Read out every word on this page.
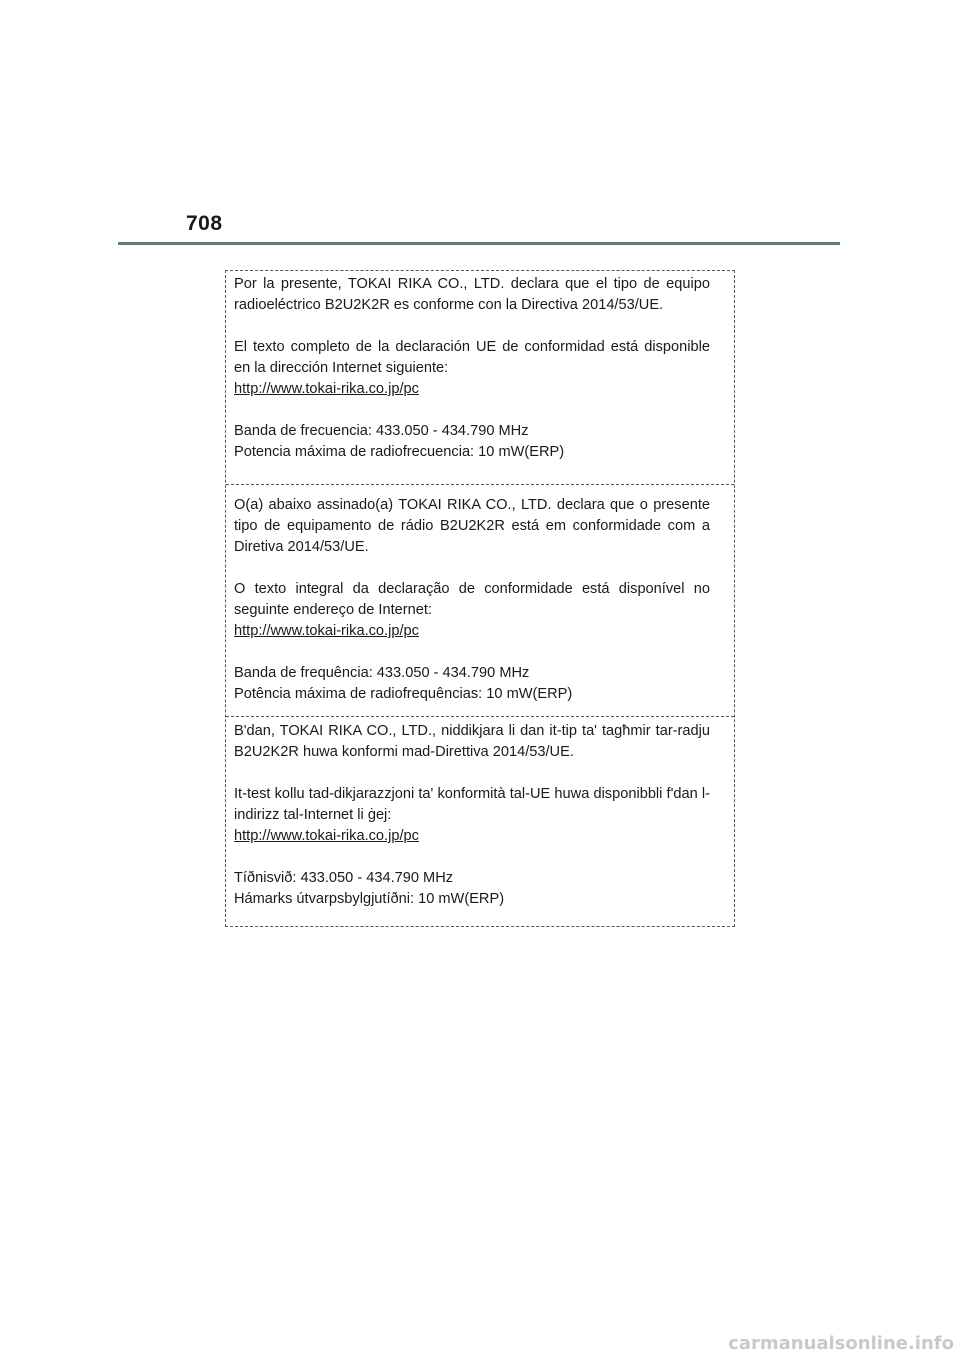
708

Por la presente, TOKAI RIKA CO., LTD. declara que el tipo de equipo radioeléctrico B2U2K2R es conforme con la Directiva 2014/53/UE.

El texto completo de la declaración UE de conformidad está disponible en la dirección Internet siguiente:

http://www.tokai-rika.co.jp/pc
Banda de frecuencia: 433.050 - 434.790 MHz
Potencia máxima de radiofrecuencia: 10 mW(ERP)

O(a) abaixo assinado(a) TOKAI RIKA CO., LTD. declara que o presente tipo de equipamento de rádio B2U2K2R está em conformidade com a Diretiva 2014/53/UE.

O texto integral da declaração de conformidade está disponível no seguinte endereço de Internet:

http://www.tokai-rika.co.jp/pc
Banda de frequência: 433.050 - 434.790 MHz
Potência máxima de radiofrequências: 10 mW(ERP)

B'dan, TOKAI RIKA CO., LTD., niddikjara li dan it-tip ta' tagħmir tar-radju B2U2K2R huwa konformi mad-Direttiva 2014/53/UE.

It-test kollu tad-dikjarazzjoni ta' konformità tal-UE huwa disponibbli f'dan l-indirizz tal-Internet li ġej:

http://www.tokai-rika.co.jp/pc
Tíðnisvið: 433.050 - 434.790 MHz
Hámarks útvarpsbylgjutíðni: 10 mW(ERP)
carmanualsonline.info
